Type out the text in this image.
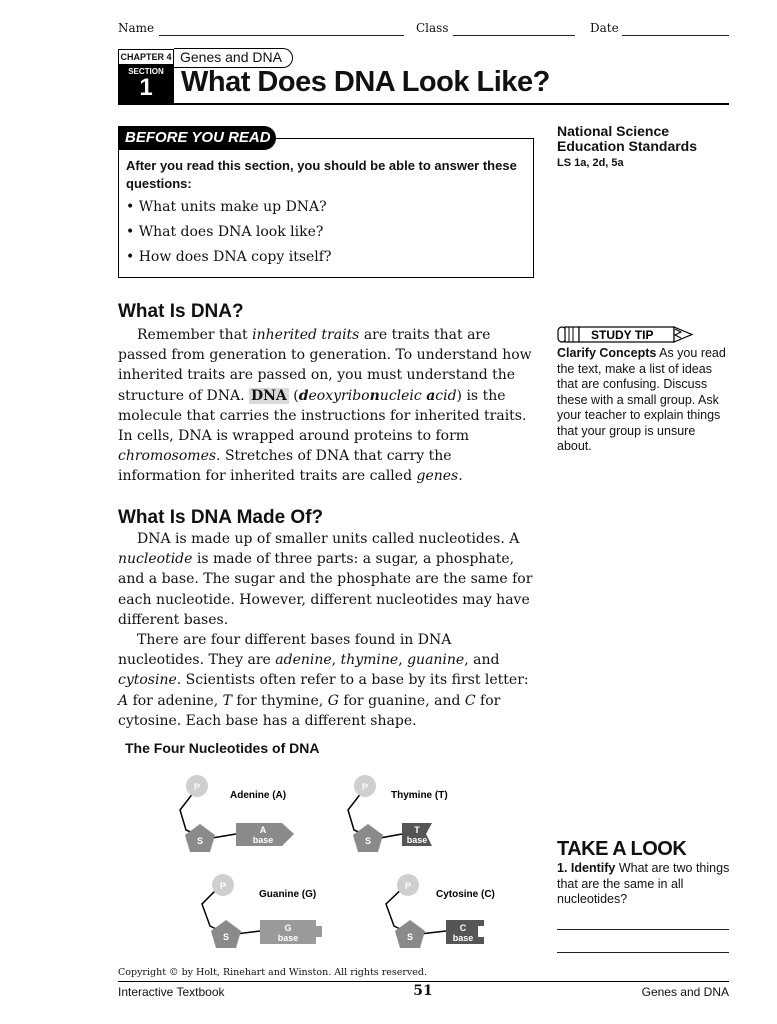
Name	Class	Date
CHAPTER 4 Genes and DNA
SECTION
1 What Does DNA Look Like?
BEFORE YOU READ
After you read this section, you should be able to answer these questions:
• What units make up DNA?
• What does DNA look like?
• How does DNA copy itself?
National Science Education Standards
LS 1a, 2d, 5a
What Is DNA?

Remember that inherited traits are traits that are passed from generation to generation. To understand how inherited traits are passed on, you must understand the structure of DNA. DNA (deoxyribonucleic acid) is the molecule that carries the instructions for inherited traits. In cells, DNA is wrapped around proteins to form chromosomes. Stretches of DNA that carry the information for inherited traits are called genes.

STUDY TIP
Clarify Concepts As you read the text, make a list of ideas that are confusing. Discuss these with a small group. Ask your teacher to explain things that your group is unsure about.
What Is DNA Made Of?

DNA is made up of smaller units called nucleotides. A nucleotide is made of three parts: a sugar, a phosphate, and a base. The sugar and the phosphate are the same for each nucleotide. However, different nucleotides may have different bases.

There are four different bases found in DNA nucleotides. They are adenine, thymine, guanine, and cytosine. Scientists often refer to a base by its first letter: A for adenine, T for thymine, G for guanine, and C for cytosine. Each base has a different shape.

The Four Nucleotides of DNA
P
S
A
base
Adenine (A)
P
S
T
base
Thymine (T)
P
S
G
base
Guanine (G)
P
S
C
base
Cytosine (C)
TAKE A LOOK
1. Identify What are two things that are the same in all nucleotides?
Copyright © by Holt, Rinehart and Winston. All rights reserved.
Interactive Textbook	51	Genes and DNA
